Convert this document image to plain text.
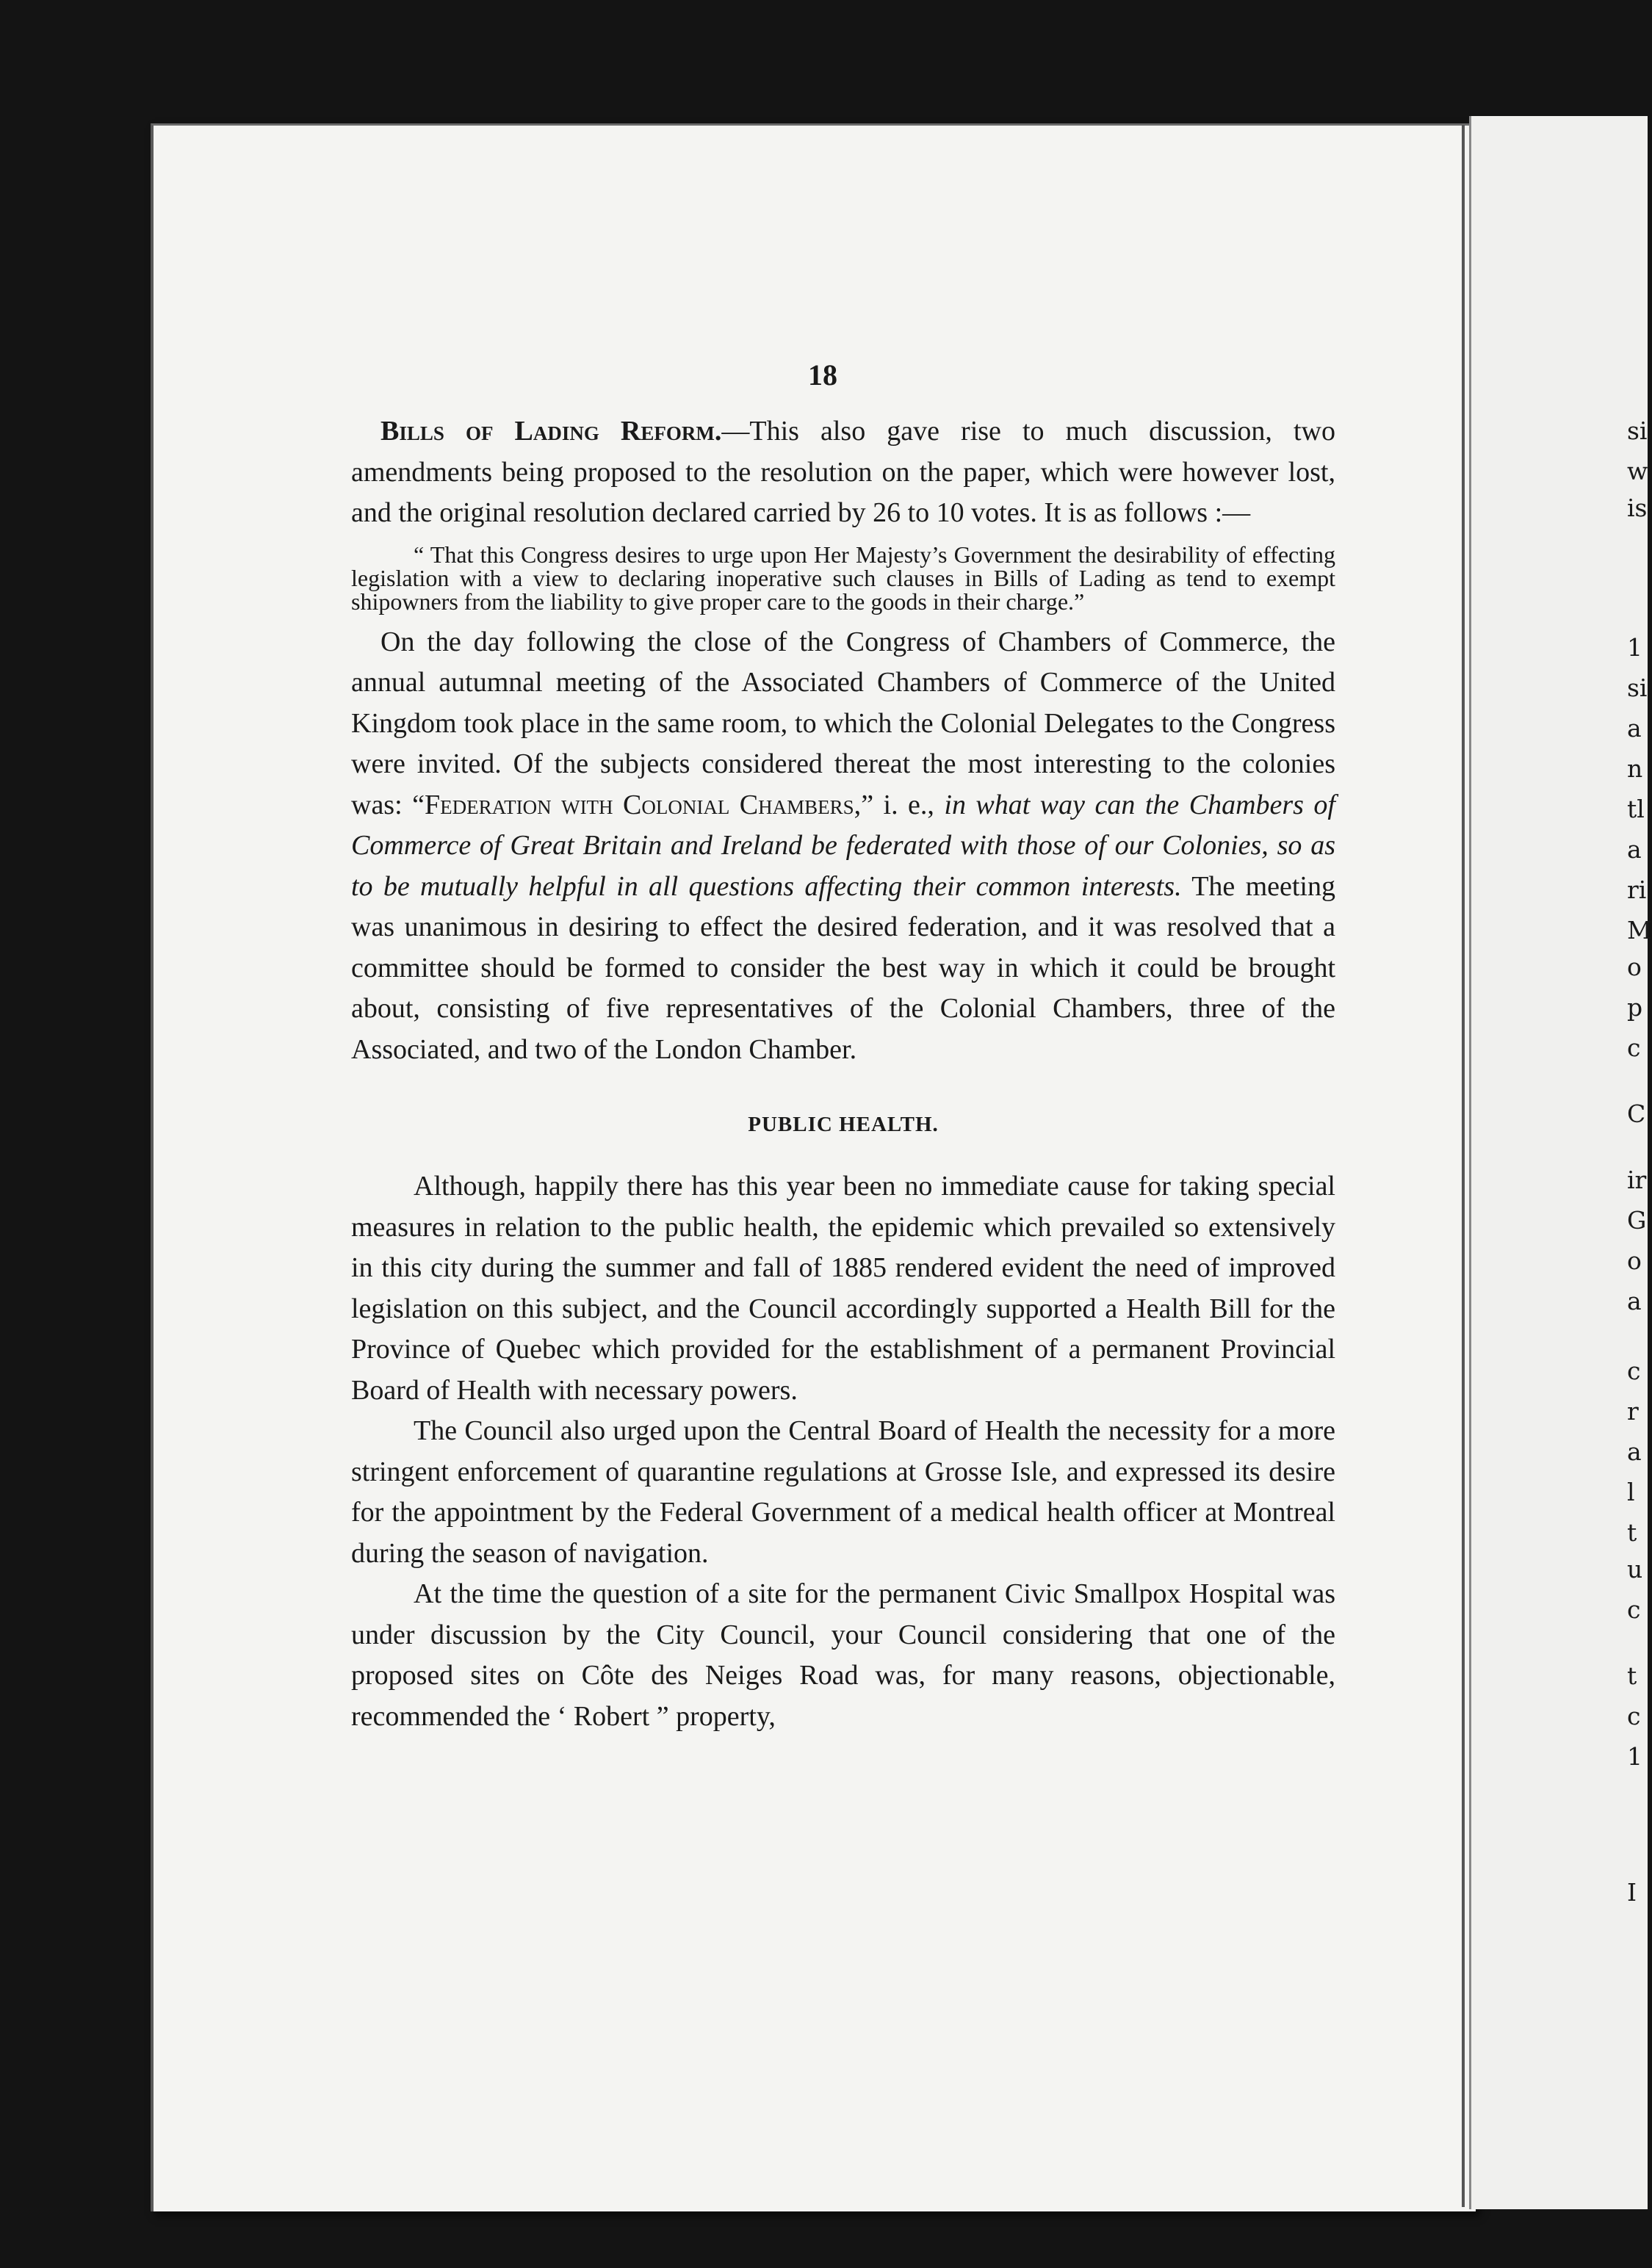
18

Bills of Lading Reform.—This also gave rise to much discussion, two amendments being proposed to the resolution on the paper, which were however lost, and the original resolution declared carried by 26 to 10 votes. It is as follows :—

“ That this Congress desires to urge upon Her Majesty’s Government the desirability of effecting legislation with a view to declaring inoperative such clauses in Bills of Lading as tend to exempt shipowners from the liability to give proper care to the goods in their charge.”

On the day following the close of the Congress of Chambers of Commerce, the annual autumnal meeting of the Associated Chambers of Commerce of the United Kingdom took place in the same room, to which the Colonial Delegates to the Congress were invited. Of the subjects considered thereat the most interesting to the colonies was: “Federation with Colonial Chambers,” i. e., in what way can the Chambers of Commerce of Great Britain and Ireland be federated with those of our Colonies, so as to be mutually helpful in all questions affecting their common interests. The meeting was unanimous in desiring to effect the desired federation, and it was resolved that a committee should be formed to consider the best way in which it could be brought about, consisting of five representatives of the Colonial Chambers, three of the Associated, and two of the London Chamber.

PUBLIC HEALTH.

Although, happily there has this year been no immediate cause for taking special measures in relation to the public health, the epidemic which prevailed so extensively in this city during the summer and fall of 1885 rendered evident the need of improved legislation on this subject, and the Council accordingly supported a Health Bill for the Province of Quebec which provided for the establishment of a permanent Provincial Board of Health with necessary powers.

The Council also urged upon the Central Board of Health the necessity for a more stringent enforcement of quarantine regulations at Grosse Isle, and expressed its desire for the appointment by the Federal Government of a medical health officer at Montreal during the season of navigation.

At the time the question of a site for the permanent Civic Smallpox Hospital was under discussion by the City Council, your Council considering that one of the proposed sites on Côte des Neiges Road was, for many reasons, objectionable, recommended the ‘ Robert ” property,

si
w
is
1
si
a
n
tl
a
ri
M
o
p
c
C
ir
G
o
a
c
r
a
l
t
u
c
t
c
1
I
